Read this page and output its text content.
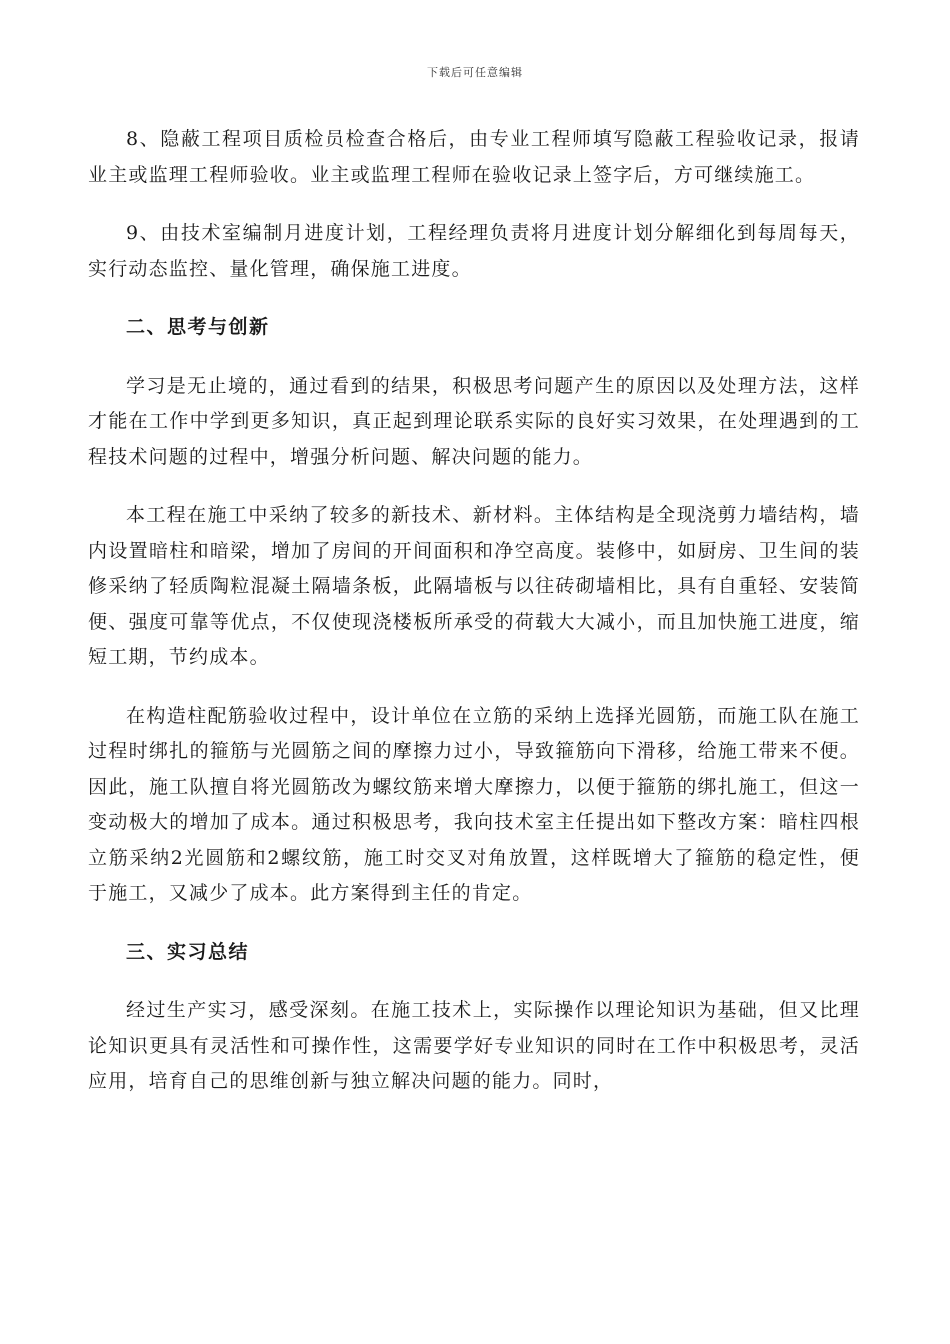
下载后可任意编辑

8、隐蔽工程项目质检员检查合格后，由专业工程师填写隐蔽工程验收记录，报请业主或监理工程师验收。业主或监理工程师在验收记录上签字后，方可继续施工。

9、由技术室编制月进度计划，工程经理负责将月进度计划分解细化到每周每天，实行动态监控、量化管理，确保施工进度。

二、思考与创新

学习是无止境的，通过看到的结果，积极思考问题产生的原因以及处理方法，这样才能在工作中学到更多知识，真正起到理论联系实际的良好实习效果，在处理遇到的工程技术问题的过程中，增强分析问题、解决问题的能力。

本工程在施工中采纳了较多的新技术、新材料。主体结构是全现浇剪力墙结构，墙内设置暗柱和暗梁，增加了房间的开间面积和净空高度。装修中，如厨房、卫生间的装修采纳了轻质陶粒混凝土隔墙条板，此隔墙板与以往砖砌墙相比，具有自重轻、安装简便、强度可靠等优点，不仅使现浇楼板所承受的荷载大大减小，而且加快施工进度，缩短工期，节约成本。

在构造柱配筋验收过程中，设计单位在立筋的采纳上选择光圆筋，而施工队在施工过程时绑扎的箍筋与光圆筋之间的摩擦力过小，导致箍筋向下滑移，给施工带来不便。因此，施工队擅自将光圆筋改为螺纹筋来增大摩擦力，以便于箍筋的绑扎施工，但这一变动极大的增加了成本。通过积极思考，我向技术室主任提出如下整改方案：暗柱四根立筋采纳2光圆筋和2螺纹筋，施工时交叉对角放置，这样既增大了箍筋的稳定性，便于施工，又减少了成本。此方案得到主任的肯定。

三、实习总结

经过生产实习，感受深刻。在施工技术上，实际操作以理论知识为基础，但又比理论知识更具有灵活性和可操作性，这需要学好专业知识的同时在工作中积极思考，灵活应用，培育自己的思维创新与独立解决问题的能力。同时，
